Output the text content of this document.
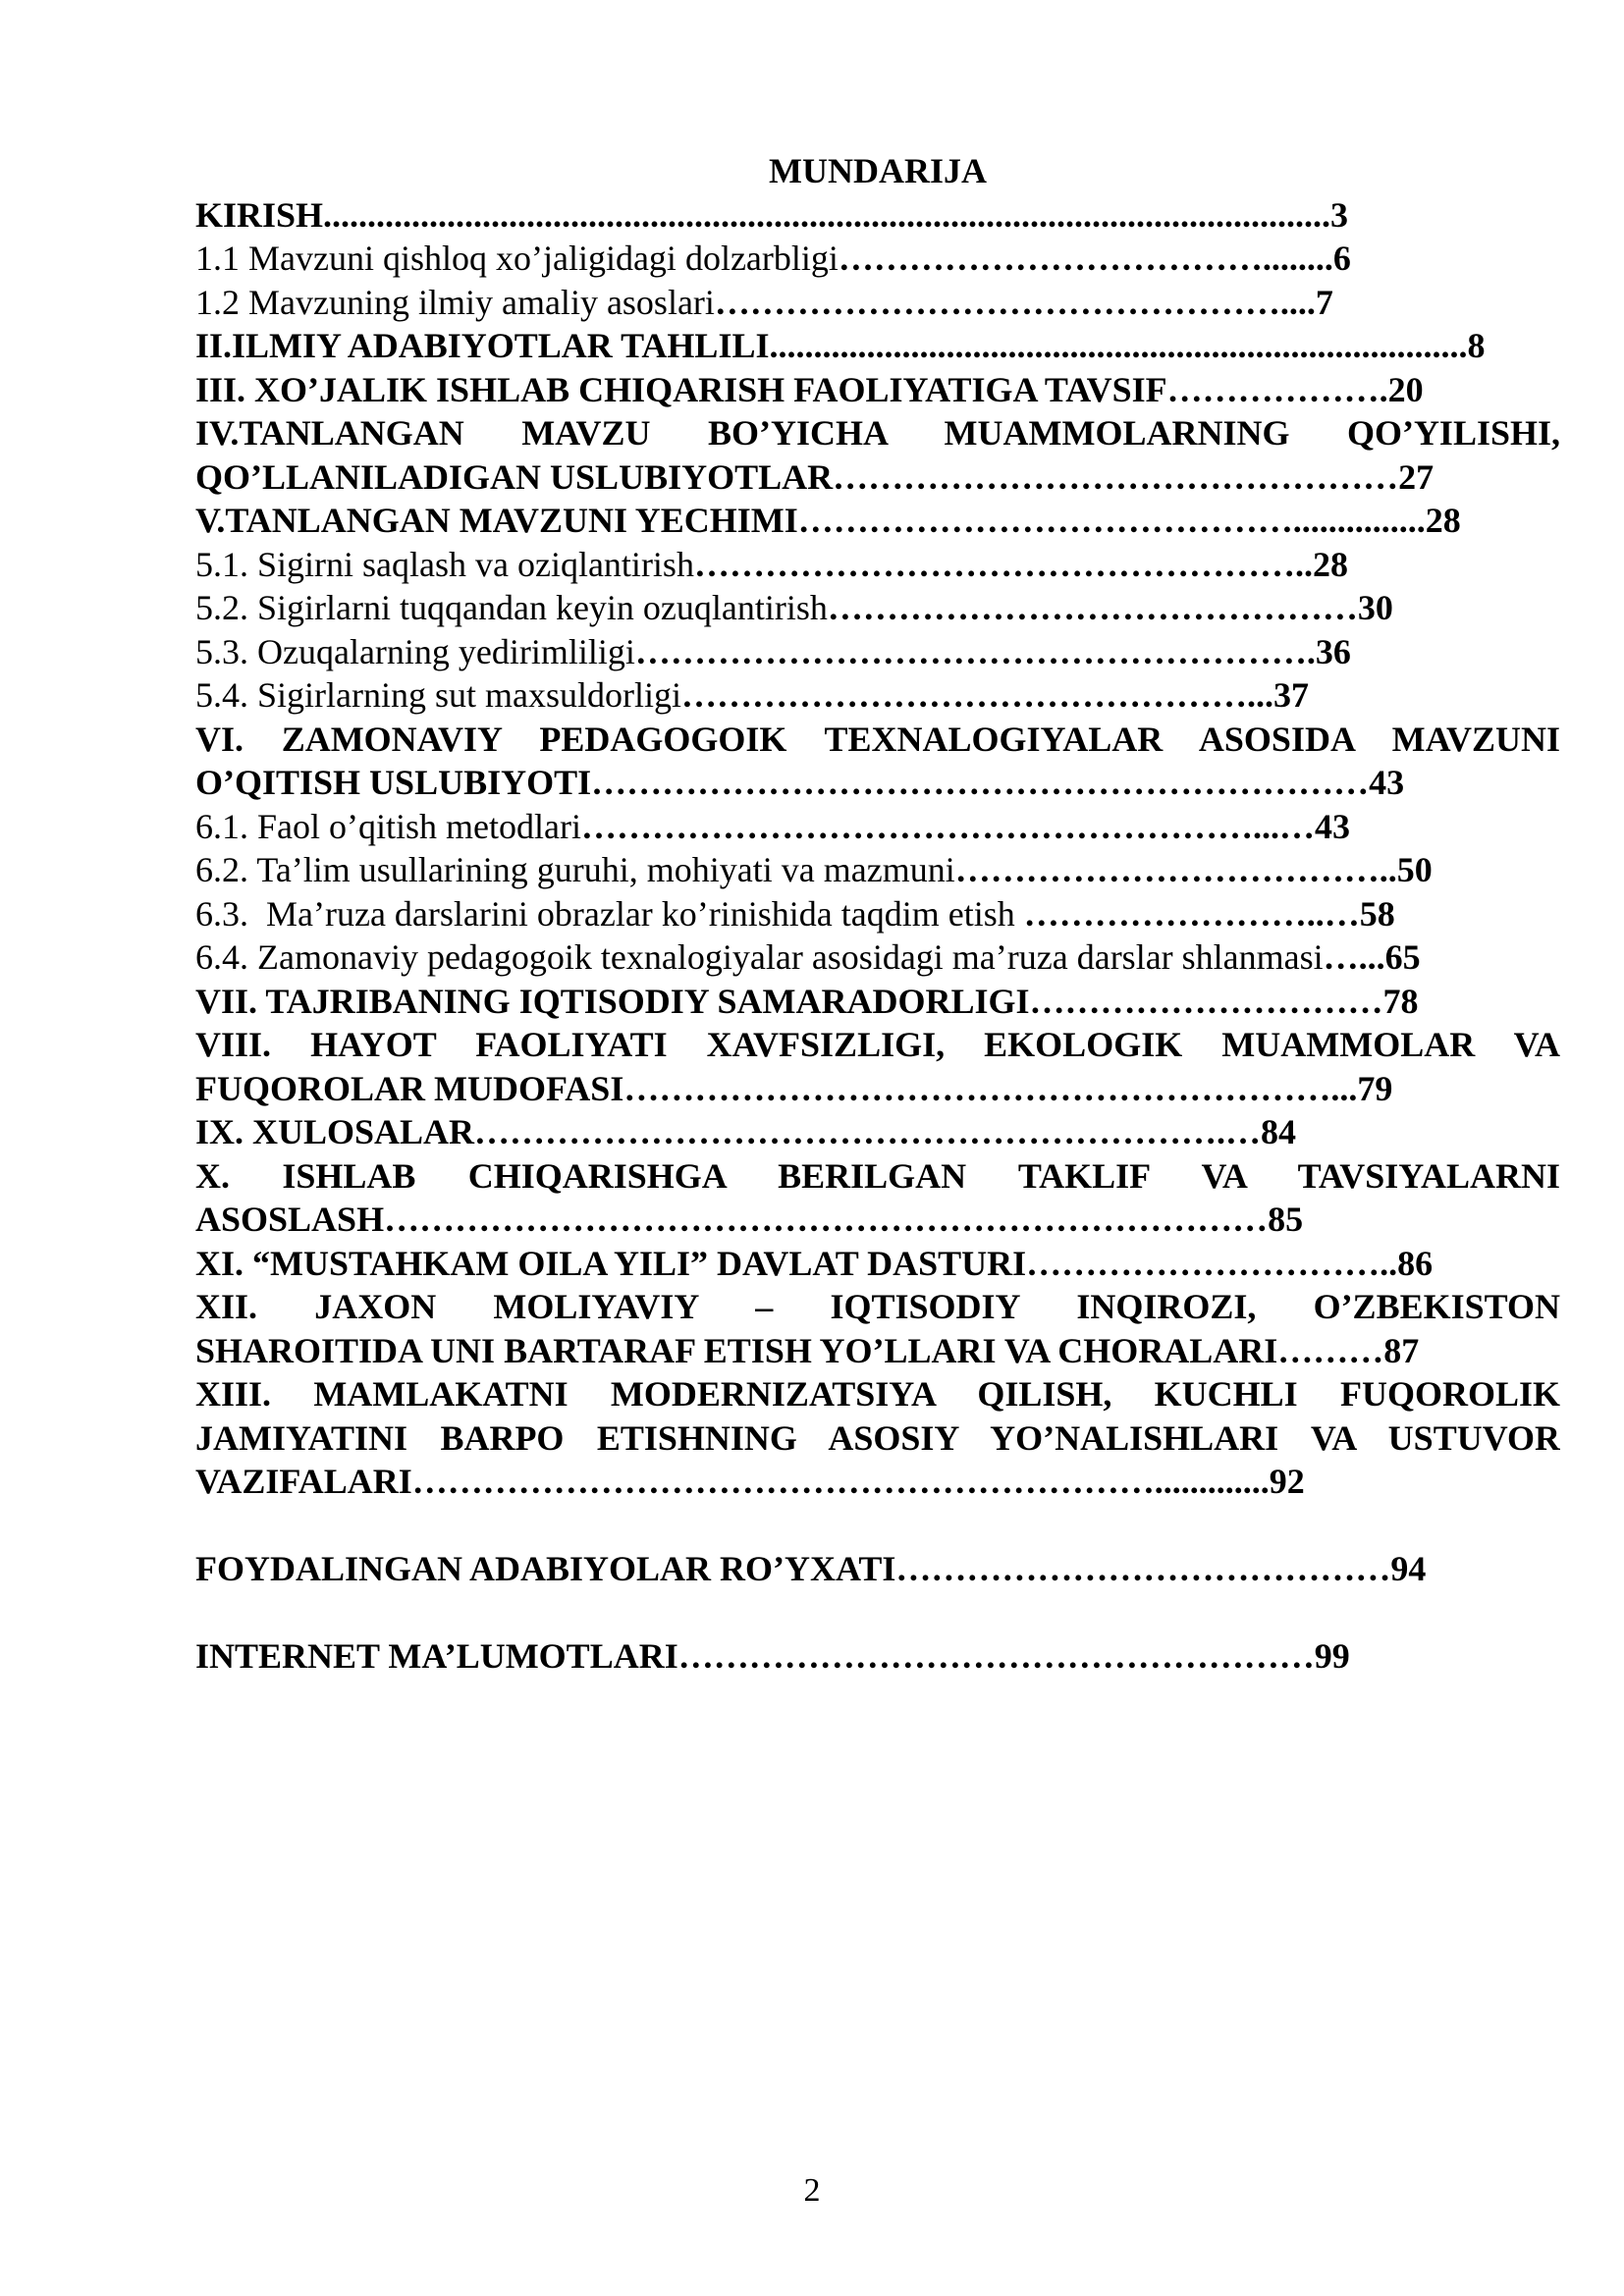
MUNDARIJA
KIRISH..................................................................................................................3
1.1 Mavzuni qishloq xo’jaligidagi dolzarbligi………………………………........6
1.2 Mavzuning ilmiy amaliy asoslari…………………………………………....7
II.ILMIY ADABIYOTLAR TAHLILI...............................................................................8
III. XO’JALIK ISHLAB CHIQARISH FAOLIYATIGA TAVSIF……………….20
IV.TANLANGAN MAVZU BO’YICHA MUAMMOLARNING QO’YILISHI,
QO’LLANILADIGAN USLUBIYOTLAR…………………………………………27
V.TANLANGAN MAVZUNI YECHIMI……………………………………...............28
5.1. Sigirni saqlash va oziqlantirish……………………………………………..28
5.2. Sigirlarni tuqqandan keyin ozuqlantirish………………………………………30
5.3. Ozuqalarning yedirimliligi………………………………………………….36
5.4. Sigirlarning sut maxsuldorligi…………………………………………...37
VI. ZAMONAVIY PEDAGOGOIK TEXNALOGIYALAR ASOSIDA MAVZUNI
O’QITISH USLUBIYOTI…………………………………………………………43
6.1. Faol o’qitish metodlari…………………………………………………...…43
6.2. Ta’lim usullarining guruhi, mohiyati va mazmuni………………………………..50
6.3.  Ma’ruza darslarini obrazlar ko’rinishida taqdim etish ……………………..…58
6.4. Zamonaviy pedagogoik texnalogiyalar asosidagi ma’ruza darslar shlanmasi…...65
VII. TAJRIBANING IQTISODIY SAMARADORLIGI…………………………78
VIII. HAYOT FAOLIYATI XAVFSIZLIGI, EKOLOGIK MUAMMOLAR VA
FUQOROLAR MUDOFASI……………………………………………………...79
IX. XULOSALAR……………………………………………………….…84
X. ISHLAB CHIQARISHGA BERILGAN TAKLIF VA TAVSIYALARNI
ASOSLASH…………………………………………………………………85
XI. “MUSTAHKAM OILA YILI” DAVLAT DASTURI…………………………..86
XII. JAXON MOLIYAVIY – IQTISODIY INQIROZI, O’ZBEKISTON
SHAROITIDA UNI BARTARAF ETISH YO’LLARI VA CHORALARI………87
XIII. MAMLAKATNI MODERNIZATSIYA QILISH, KUCHLI FUQOROLIK
JAMIYATINI BARPO ETISHNING ASOSIY YO’NALISHLARI VA USTUVOR
VAZIFALARI……………………………………………………….............92
FOYDALINGAN ADABIYOLAR RO’YXATI……………………………………94
INTERNET MA’LUMOTLARI………………………………………………99
2
